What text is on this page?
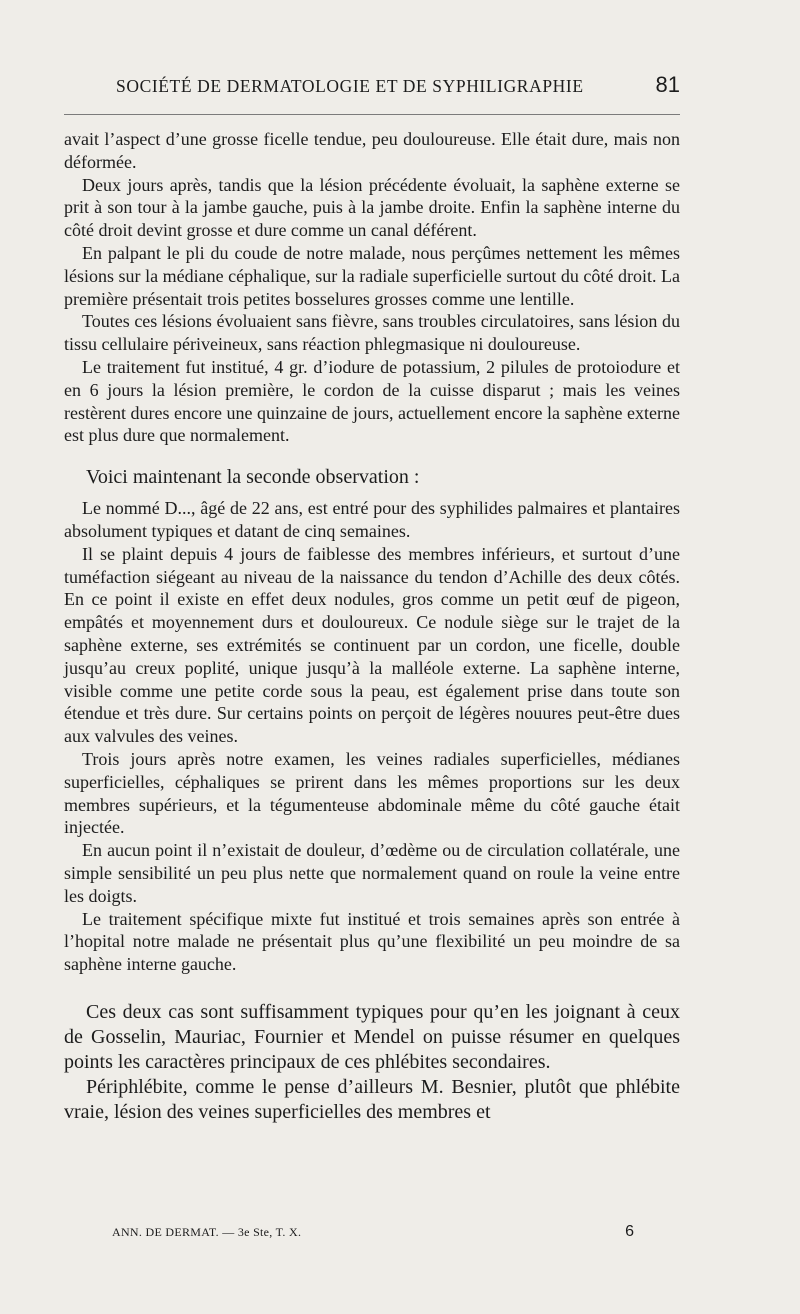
SOCIÉTÉ DE DERMATOLOGIE ET DE SYPHILIGRAPHIE	81

avait l’aspect d’une grosse ficelle tendue, peu douloureuse. Elle était dure, mais non déformée.

Deux jours après, tandis que la lésion précédente évoluait, la saphène externe se prit à son tour à la jambe gauche, puis à la jambe droite. Enfin la saphène interne du côté droit devint grosse et dure comme un canal déférent.

En palpant le pli du coude de notre malade, nous perçûmes nettement les mêmes lésions sur la médiane céphalique, sur la radiale superficielle surtout du côté droit. La première présentait trois petites bosselures grosses comme une lentille.

Toutes ces lésions évoluaient sans fièvre, sans troubles circulatoires, sans lésion du tissu cellulaire périveineux, sans réaction phlegmasique ni douloureuse.

Le traitement fut institué, 4 gr. d’iodure de potassium, 2 pilules de protoiodure et en 6 jours la lésion première, le cordon de la cuisse disparut ; mais les veines restèrent dures encore une quinzaine de jours, actuellement encore la saphène externe est plus dure que normalement.

Voici maintenant la seconde observation :

Le nommé D..., âgé de 22 ans, est entré pour des syphilides palmaires et plantaires absolument typiques et datant de cinq semaines.

Il se plaint depuis 4 jours de faiblesse des membres inférieurs, et surtout d’une tuméfaction siégeant au niveau de la naissance du tendon d’Achille des deux côtés. En ce point il existe en effet deux nodules, gros comme un petit œuf de pigeon, empâtés et moyennement durs et douloureux. Ce nodule siège sur le trajet de la saphène externe, ses extrémités se continuent par un cordon, une ficelle, double jusqu’au creux poplité, unique jusqu’à la malléole externe. La saphène interne, visible comme une petite corde sous la peau, est également prise dans toute son étendue et très dure. Sur certains points on perçoit de légères nouures peut-être dues aux valvules des veines.

Trois jours après notre examen, les veines radiales superficielles, médianes superficielles, céphaliques se prirent dans les mêmes proportions sur les deux membres supérieurs, et la tégumenteuse abdominale même du côté gauche était injectée.

En aucun point il n’existait de douleur, d’œdème ou de circulation collatérale, une simple sensibilité un peu plus nette que normalement quand on roule la veine entre les doigts.

Le traitement spécifique mixte fut institué et trois semaines après son entrée à l’hopital notre malade ne présentait plus qu’une flexibilité un peu moindre de sa saphène interne gauche.

Ces deux cas sont suffisamment typiques pour qu’en les joignant à ceux de Gosselin, Mauriac, Fournier et Mendel on puisse résumer en quelques points les caractères principaux de ces phlébites secondaires.

Périphlébite, comme le pense d’ailleurs M. Besnier, plutôt que phlébite vraie, lésion des veines superficielles des membres et

ANN. DE DERMAT. — 3e Ste, T. X.	6
